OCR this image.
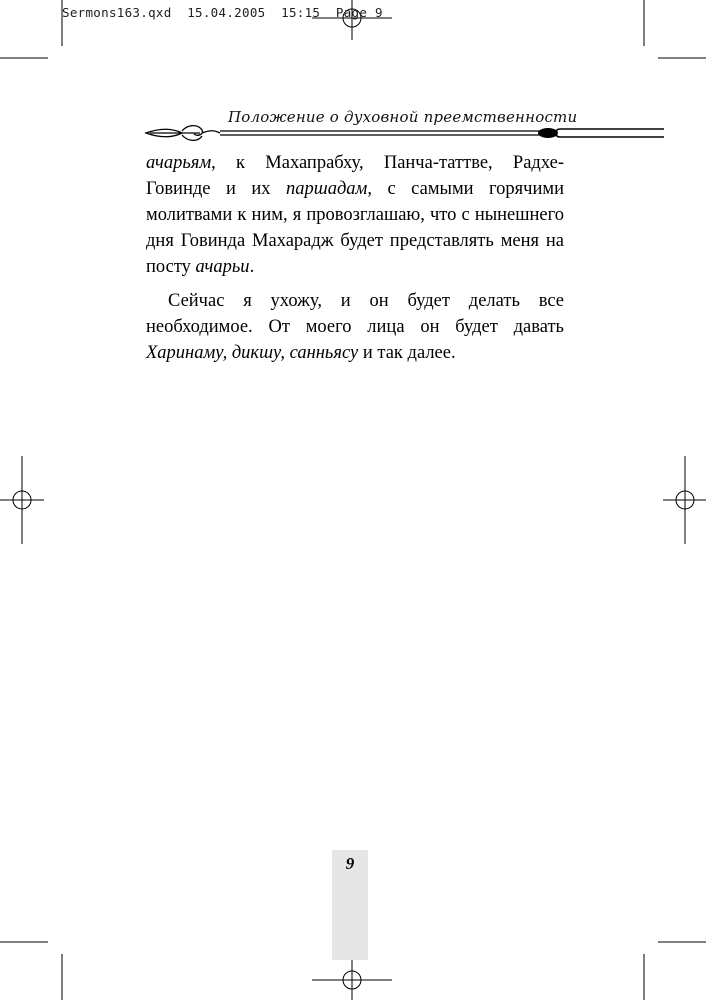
Sermons163.qxd  15.04.2005  15:15  Page 9
Положение о духовной преемственности

ачарьям, к Махапрабху, Панча-таттве, Радхе-Говинде и их паршадам, с самыми горячими молитвами к ним, я провозглашаю, что с нынешнего дня Говинда Махарадж будет представлять меня на посту ачарьи.

Сейчас я ухожу, и он будет делать все необходимое. От моего лица он будет давать Харинаму, дикшу, санньясу и так далее.

9
